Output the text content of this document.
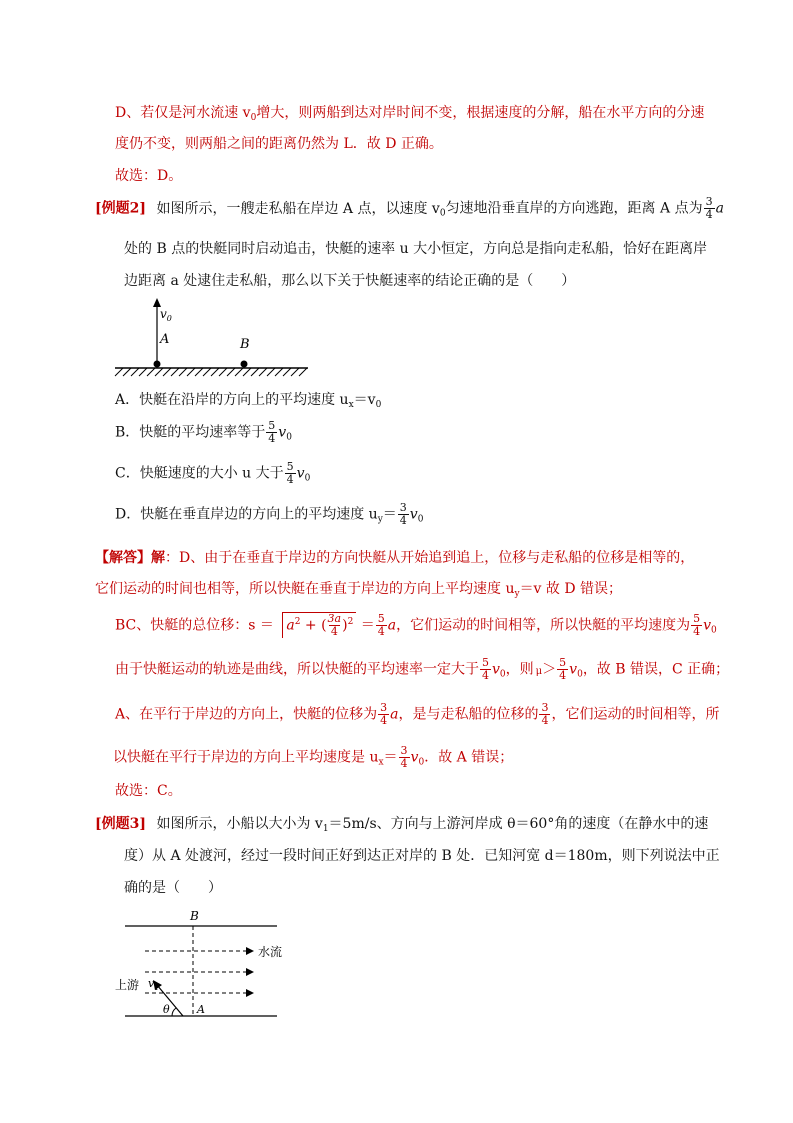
D、若仅是河水流速 $v_0$增大，则两船到达对岸时间不变，根据速度的分解，船在水平方向的分速
度仍不变，则两船之间的距离仍然为 L．故 D 正确。
故选：D。
[例题2] 如图所示，一艘走私船在岸边 A 点，以速度 $v_0$匀速地沿垂直岸的方向逃跑，距离 A 点为 $\frac{3}{4}$ a
处的 B 点的快艇同时启动追击，快艇的速率 u 大小恒定，方向总是指向走私船，恰好在距离岸
边距离 a 处逮住走私船，那么以下关于快艇速率的结论正确的是（　　）
$v_0$
A	B
A．快艇在沿岸的方向上的平均速度 $u_x=v_0$
B．快艇的平均速率等于 $\frac{5}{4} v_0$
C．快艇速度的大小 u 大于 $\frac{5}{4} v_0$
D．快艇在垂直岸边的方向上的平均速度 $u_y= \frac{3}{4} v_0$
【解答】解：D、由于在垂直于岸边的方向快艇从开始追到追上，位移与走私船的位移是相等的，
它们运动的时间也相等，所以快艇在垂直于岸边的方向上平均速度 $u_y=v$ 故 D 错误；
BC、快艇的总位移：$s = a^2$ + ( $\frac{3a}{4} )^2 = \frac{5}{4}$ a，它们运动的时间相等，所以快艇的平均速度为 $\frac{5}{4} v_0$
由于快艇运动的轨迹是曲线，所以快艇的平均速率一定大于 $\frac{5}{4} v_0$，则 $\mu> \frac{5}{4} v_0$，故 B 错误，C 正确；
A、在平行于岸边的方向上，快艇的位移为 $\frac{3}{4}$ a，是与走私船的位移的 $\frac{3}{4}$ ，它们运动的时间相等，所
以快艇在平行于岸边的方向上平均速度是 $u_x= \frac{3}{4} v_0$．故 A 错误；
故选：C。
[例题3] 如图所示，小船以大小为 $v_1=5m/s$、方向与上游河岸成 θ＝60°角的速度（在静水中的速
度）从 A 处渡河，经过一段时间正好到达正对岸的 B 处．已知河宽 d＝180m，则下列说法中正
确的是（　　）
B
水流
上游 $v_1$
θ A
